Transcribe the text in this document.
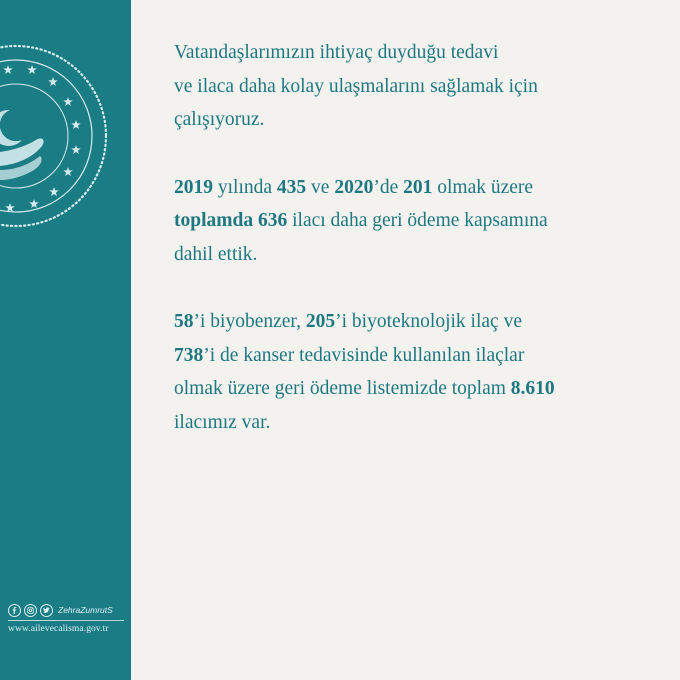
ZehraZumrutS
www.ailevecalisma.gov.tr
Vatandaşlarımızın ihtiyaç duyduğu tedavi
ve ilaca daha kolay ulaşmalarını sağlamak için
çalışıyoruz.
2019 yılında 435 ve 2020’de 201 olmak üzere
toplamda 636 ilacı daha geri ödeme kapsamına
dahil ettik.
58’i biyobenzer, 205’i biyoteknolojik ilaç ve
738’i de kanser tedavisinde kullanılan ilaçlar
olmak üzere geri ödeme listemizde toplam 8.610
ilacımız var.
